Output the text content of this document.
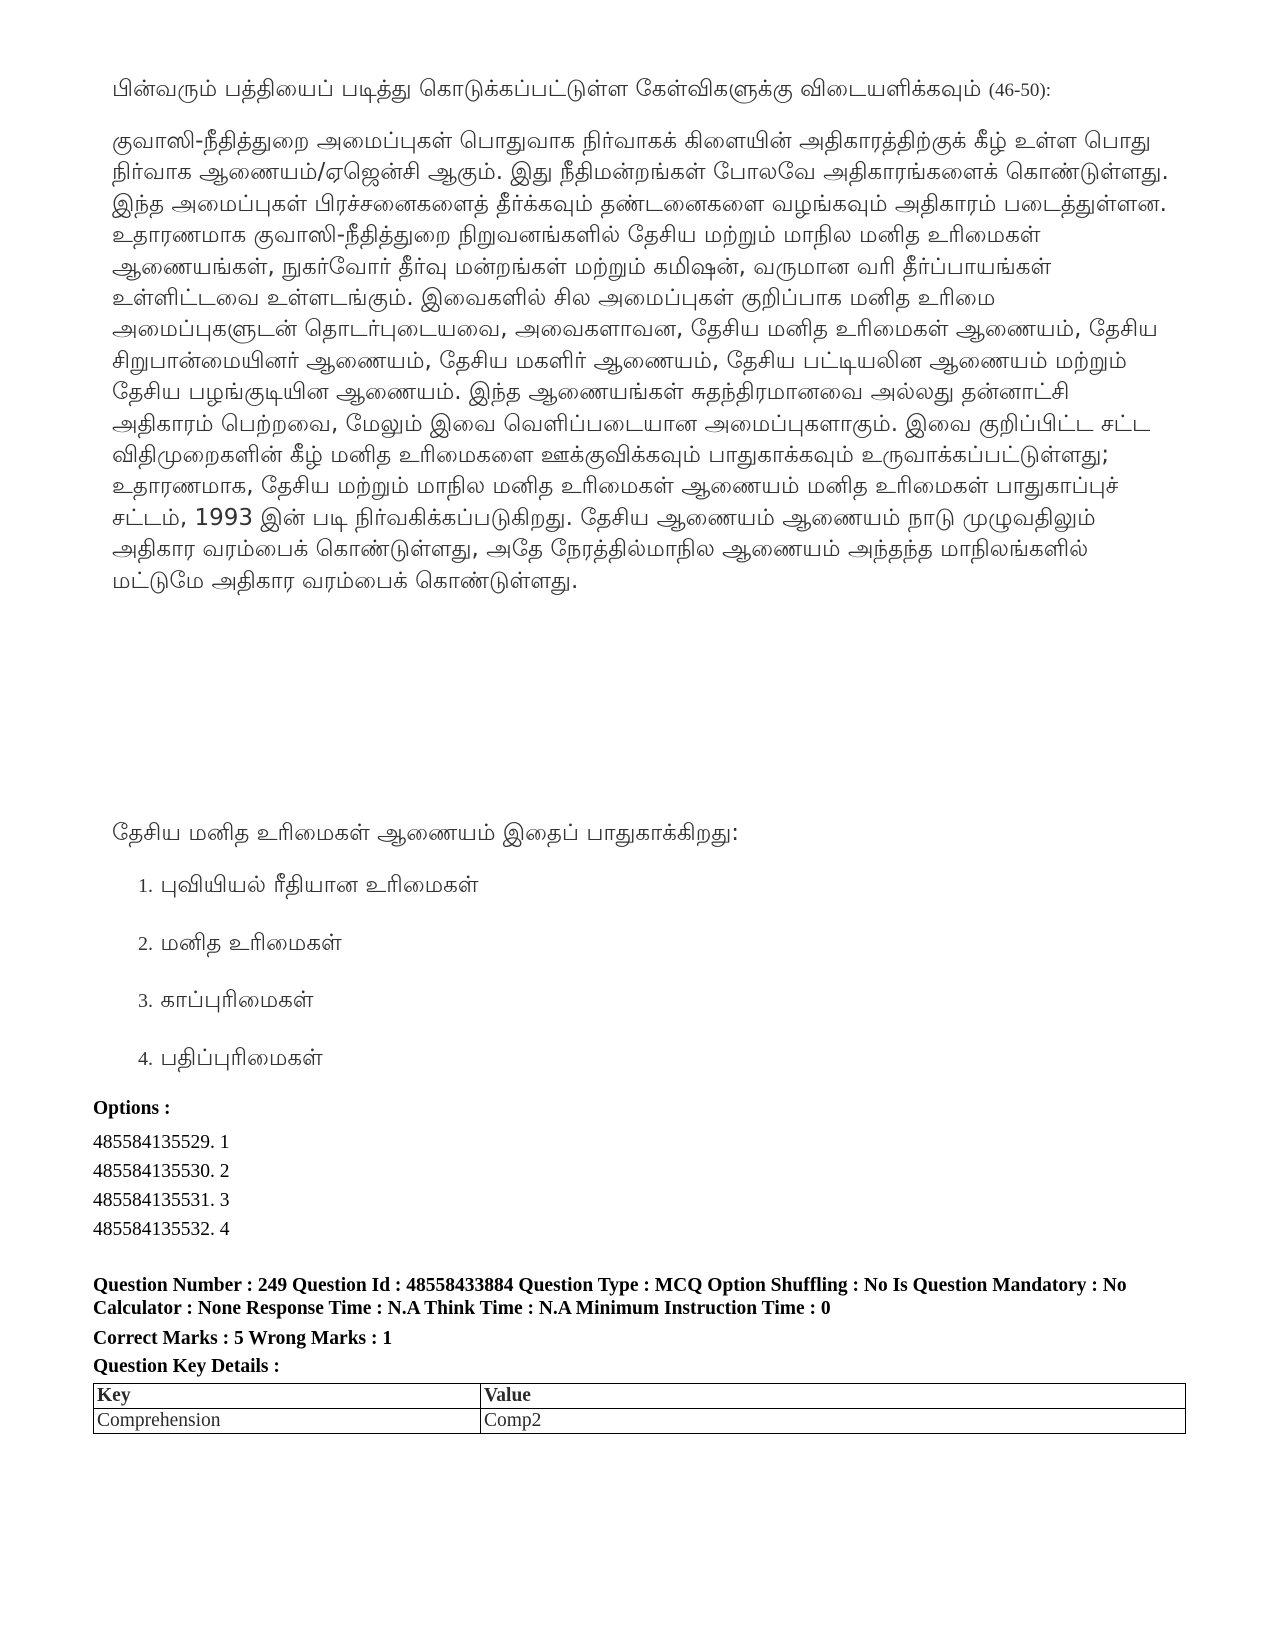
பின்வரும் பத்தியைப் படித்து கொடுக்கப்பட்டுள்ள கேள்விகளுக்கு விடையளிக்கவும் (46-50):

குவாஸி-நீதித்துறை அமைப்புகள் பொதுவாக நிர்வாகக் கிளையின் அதிகாரத்திற்குக் கீழ் உள்ள பொது நிர்வாக ஆணையம்/ஏஜென்சி ஆகும். இது நீதிமன்றங்கள் போலவே அதிகாரங்களைக் கொண்டுள்ளது. இந்த அமைப்புகள் பிரச்சனைகளைத் தீர்க்கவும் தண்டனைகளை வழங்கவும் அதிகாரம் படைத்துள்ளன. உதாரணமாக குவாஸி-நீதித்துறை நிறுவனங்களில் தேசிய மற்றும் மாநில மனித உரிமைகள் ஆணையங்கள், நுகர்வோர் தீர்வு மன்றங்கள் மற்றும் கமிஷன், வருமான வரி தீர்ப்பாயங்கள் உள்ளிட்டவை உள்ளடங்கும். இவைகளில் சில அமைப்புகள் குறிப்பாக மனித உரிமை அமைப்புகளுடன் தொடர்புடையவை, அவைகளாவன, தேசிய மனித உரிமைகள் ஆணையம், தேசிய சிறுபான்மையினர் ஆணையம், தேசிய மகளிர் ஆணையம், தேசிய பட்டியலின ஆணையம் மற்றும் தேசிய பழங்குடியின ஆணையம். இந்த ஆணையங்கள் சுதந்திரமானவை அல்லது தன்னாட்சி அதிகாரம் பெற்றவை, மேலும் இவை வெளிப்படையான அமைப்புகளாகும். இவை குறிப்பிட்ட சட்ட விதிமுறைகளின் கீழ் மனித உரிமைகளை ஊக்குவிக்கவும் பாதுகாக்கவும் உருவாக்கப்பட்டுள்ளது; உதாரணமாக, தேசிய மற்றும் மாநில மனித உரிமைகள் ஆணையம் மனித உரிமைகள் பாதுகாப்புச் சட்டம், 1993 இன் படி நிர்வகிக்கப்படுகிறது. தேசிய ஆணையம் ஆணையம் நாடு முழுவதிலும் அதிகார வரம்பைக் கொண்டுள்ளது, அதே நேரத்தில்மாநில ஆணையம் அந்தந்த மாநிலங்களில் மட்டுமே அதிகார வரம்பைக் கொண்டுள்ளது.

தேசிய மனித உரிமைகள் ஆணையம் இதைப் பாதுகாக்கிறது:

1. புவியியல் ரீதியான உரிமைகள்
2. மனித உரிமைகள்
3. காப்புரிமைகள்
4. பதிப்புரிமைகள்
Options :
485584135529. 1
485584135530. 2
485584135531. 3
485584135532. 4
Question Number : 249 Question Id : 48558433884 Question Type : MCQ Option Shuffling : No Is Question Mandatory : No Calculator : None Response Time : N.A Think Time : N.A Minimum Instruction Time : 0
Correct Marks : 5 Wrong Marks : 1
Question Key Details :
Key	Value
Comprehension	Comp2
